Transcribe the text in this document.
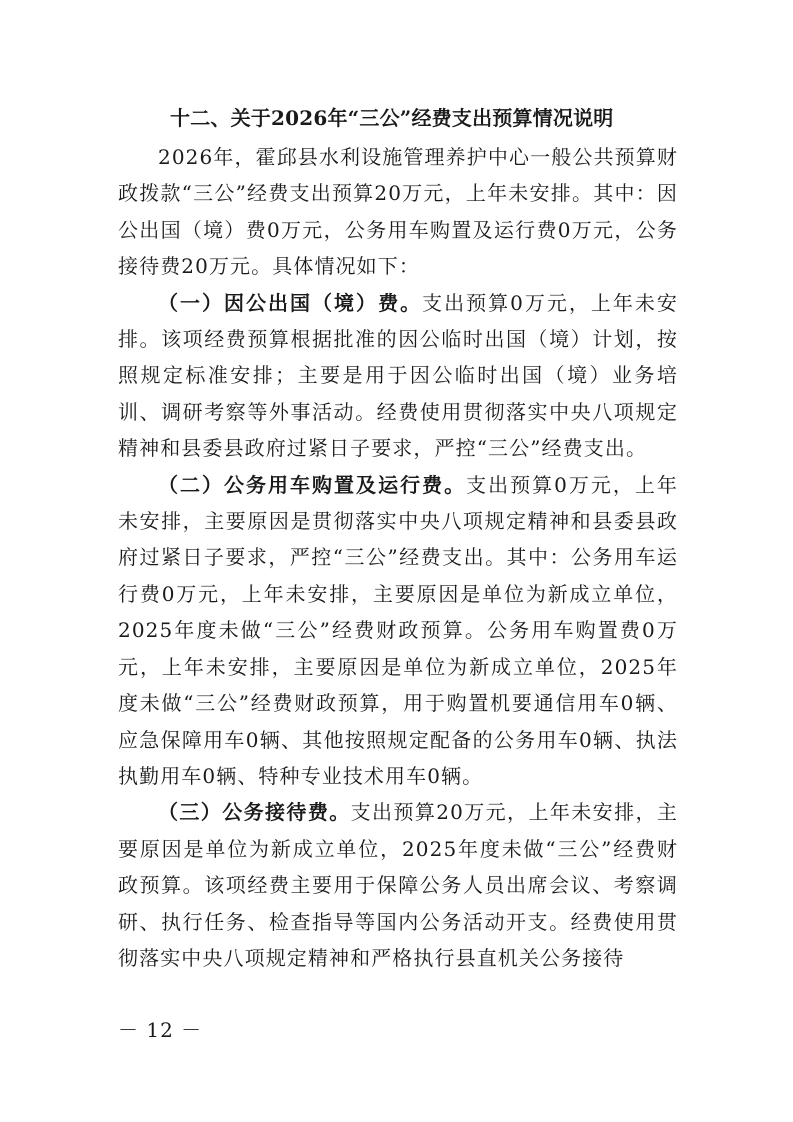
十二、关于2026年“三公”经费支出预算情况说明

2026年，霍邱县水利设施管理养护中心一般公共预算财政拨款“三公”经费支出预算20万元，上年未安排。其中：因公出国（境）费0万元，公务用车购置及运行费0万元，公务接待费20万元。具体情况如下：

（一）因公出国（境）费。支出预算0万元，上年未安排。该项经费预算根据批准的因公临时出国（境）计划，按照规定标准安排；主要是用于因公临时出国（境）业务培训、调研考察等外事活动。经费使用贯彻落实中央八项规定精神和县委县政府过紧日子要求，严控“三公”经费支出。

（二）公务用车购置及运行费。支出预算0万元，上年未安排，主要原因是贯彻落实中央八项规定精神和县委县政府过紧日子要求，严控“三公”经费支出。其中：公务用车运行费0万元，上年未安排，主要原因是单位为新成立单位，2025年度未做“三公”经费财政预算。公务用车购置费0万元，上年未安排，主要原因是单位为新成立单位，2025年度未做“三公”经费财政预算，用于购置机要通信用车0辆、应急保障用车0辆、其他按照规定配备的公务用车0辆、执法执勤用车0辆、特种专业技术用车0辆。

（三）公务接待费。支出预算20万元，上年未安排，主要原因是单位为新成立单位，2025年度未做“三公”经费财政预算。该项经费主要用于保障公务人员出席会议、考察调研、执行任务、检查指导等国内公务活动开支。经费使用贯彻落实中央八项规定精神和严格执行县直机关公务接待

－ 12 －
